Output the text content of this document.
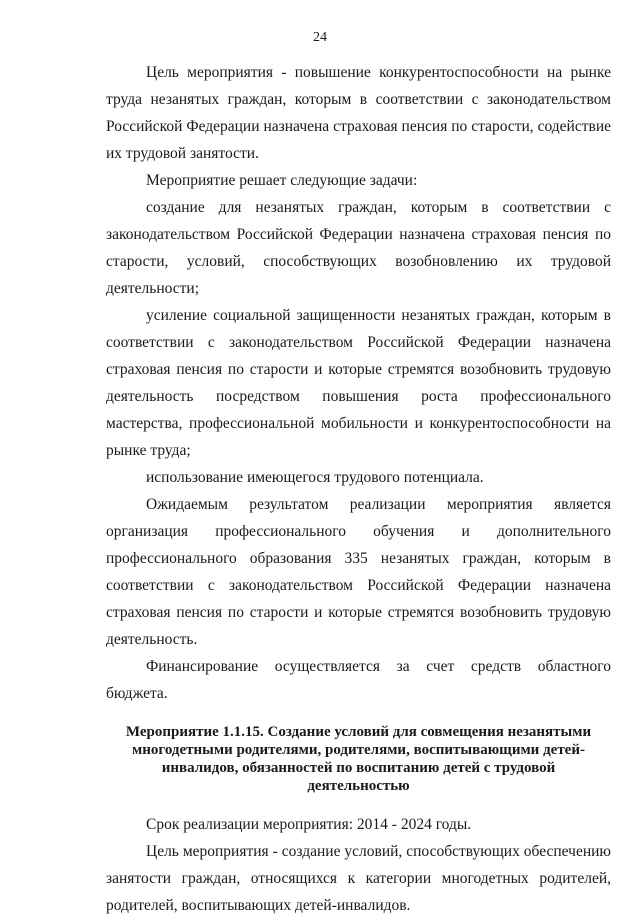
24

Цель мероприятия - повышение конкурентоспособности на рынке труда незанятых граждан, которым в соответствии с законодательством Российской Федерации назначена страховая пенсия по старости, содействие их трудовой занятости.

Мероприятие решает следующие задачи:

создание для незанятых граждан, которым в соответствии с законодательством Российской Федерации назначена страховая пенсия по старости, условий, способствующих возобновлению их трудовой деятельности;

усиление социальной защищенности незанятых граждан, которым в соответствии с законодательством Российской Федерации назначена страховая пенсия по старости и которые стремятся возобновить трудовую деятельность посредством повышения роста профессионального мастерства, профессиональной мобильности и конкурентоспособности на рынке труда;

использование имеющегося трудового потенциала.

Ожидаемым результатом реализации мероприятия является организация профессионального обучения и дополнительного профессионального образования 335 незанятых граждан, которым в соответствии с законодательством Российской Федерации назначена страховая пенсия по старости и которые стремятся возобновить трудовую деятельность.

Финансирование осуществляется за счет средств областного бюджета.

Мероприятие 1.1.15. Создание условий для совмещения незанятыми многодетными родителями, родителями, воспитывающими детей-инвалидов, обязанностей по воспитанию детей с трудовой деятельностью

Срок реализации мероприятия: 2014 - 2024 годы.

Цель мероприятия - создание условий, способствующих обеспечению занятости граждан, относящихся к категории многодетных родителей, родителей, воспитывающих детей-инвалидов.
